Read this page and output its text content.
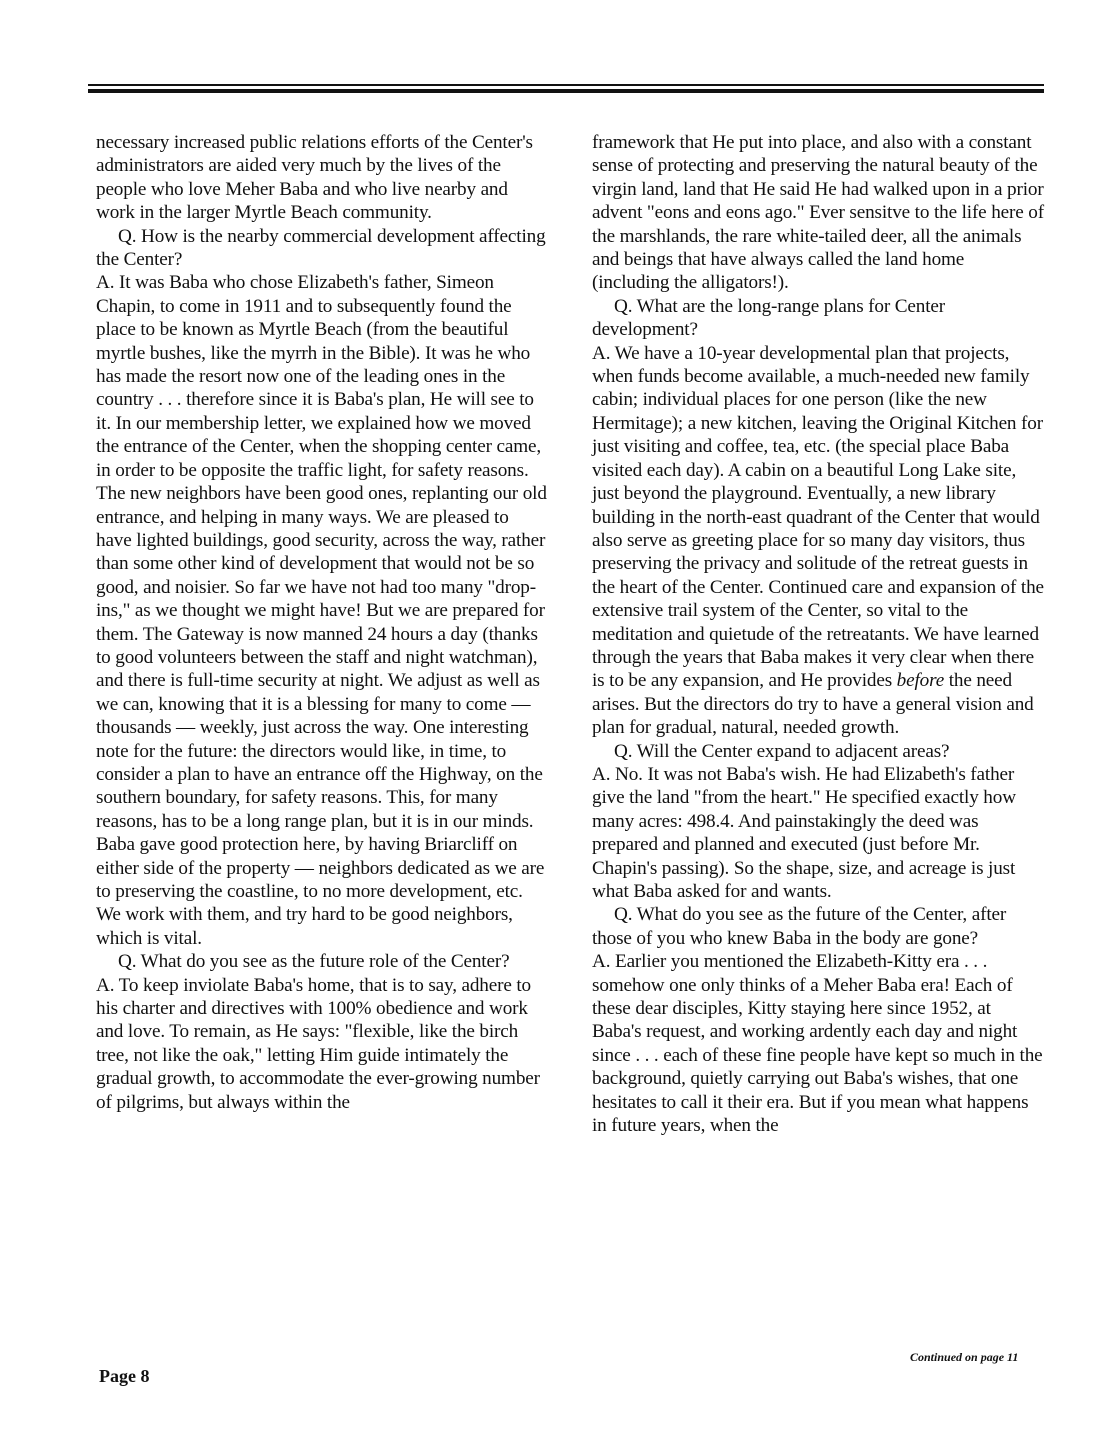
necessary increased public relations efforts of the Center's administrators are aided very much by the lives of the people who love Meher Baba and who live nearby and work in the larger Myrtle Beach community.

Q. How is the nearby commercial development affecting the Center?

A. It was Baba who chose Elizabeth's father, Simeon Chapin, to come in 1911 and to subsequently found the place to be known as Myrtle Beach (from the beautiful myrtle bushes, like the myrrh in the Bible). It was he who has made the resort now one of the leading ones in the country . . . therefore since it is Baba's plan, He will see to it. In our membership letter, we explained how we moved the entrance of the Center, when the shopping center came, in order to be opposite the traffic light, for safety reasons. The new neighbors have been good ones, replanting our old entrance, and helping in many ways. We are pleased to have lighted buildings, good security, across the way, rather than some other kind of development that would not be so good, and noisier. So far we have not had too many "drop-ins," as we thought we might have! But we are prepared for them. The Gateway is now manned 24 hours a day (thanks to good volunteers between the staff and night watchman), and there is full-time security at night. We adjust as well as we can, knowing that it is a blessing for many to come — thousands — weekly, just across the way. One interesting note for the future: the directors would like, in time, to consider a plan to have an entrance off the Highway, on the southern boundary, for safety reasons. This, for many reasons, has to be a long range plan, but it is in our minds. Baba gave good protection here, by having Briarcliff on either side of the property — neighbors dedicated as we are to preserving the coastline, to no more development, etc. We work with them, and try hard to be good neighbors, which is vital.

Q. What do you see as the future role of the Center?

A. To keep inviolate Baba's home, that is to say, adhere to his charter and directives with 100% obedience and work and love. To remain, as He says: "flexible, like the birch tree, not like the oak," letting Him guide intimately the gradual growth, to accommodate the ever-growing number of pilgrims, but always within the

framework that He put into place, and also with a constant sense of protecting and preserving the natural beauty of the virgin land, land that He said He had walked upon in a prior advent "eons and eons ago." Ever sensitve to the life here of the marshlands, the rare white-tailed deer, all the animals and beings that have always called the land home (including the alligators!).

Q. What are the long-range plans for Center development?

A. We have a 10-year developmental plan that projects, when funds become available, a much-needed new family cabin; individual places for one person (like the new Hermitage); a new kitchen, leaving the Original Kitchen for just visiting and coffee, tea, etc. (the special place Baba visited each day). A cabin on a beautiful Long Lake site, just beyond the playground. Eventually, a new library building in the north-east quadrant of the Center that would also serve as greeting place for so many day visitors, thus preserving the privacy and solitude of the retreat guests in the heart of the Center. Continued care and expansion of the extensive trail system of the Center, so vital to the meditation and quietude of the retreatants. We have learned through the years that Baba makes it very clear when there is to be any expansion, and He provides before the need arises. But the directors do try to have a general vision and plan for gradual, natural, needed growth.

Q. Will the Center expand to adjacent areas?

A. No. It was not Baba's wish. He had Elizabeth's father give the land "from the heart." He specified exactly how many acres: 498.4. And painstakingly the deed was prepared and planned and executed (just before Mr. Chapin's passing). So the shape, size, and acreage is just what Baba asked for and wants.

Q. What do you see as the future of the Center, after those of you who knew Baba in the body are gone?

A. Earlier you mentioned the Elizabeth-Kitty era . . . somehow one only thinks of a Meher Baba era! Each of these dear disciples, Kitty staying here since 1952, at Baba's request, and working ardently each day and night since . . . each of these fine people have kept so much in the background, quietly carrying out Baba's wishes, that one hesitates to call it their era. But if you mean what happens in future years, when the

Continued on page 11
Page 8
